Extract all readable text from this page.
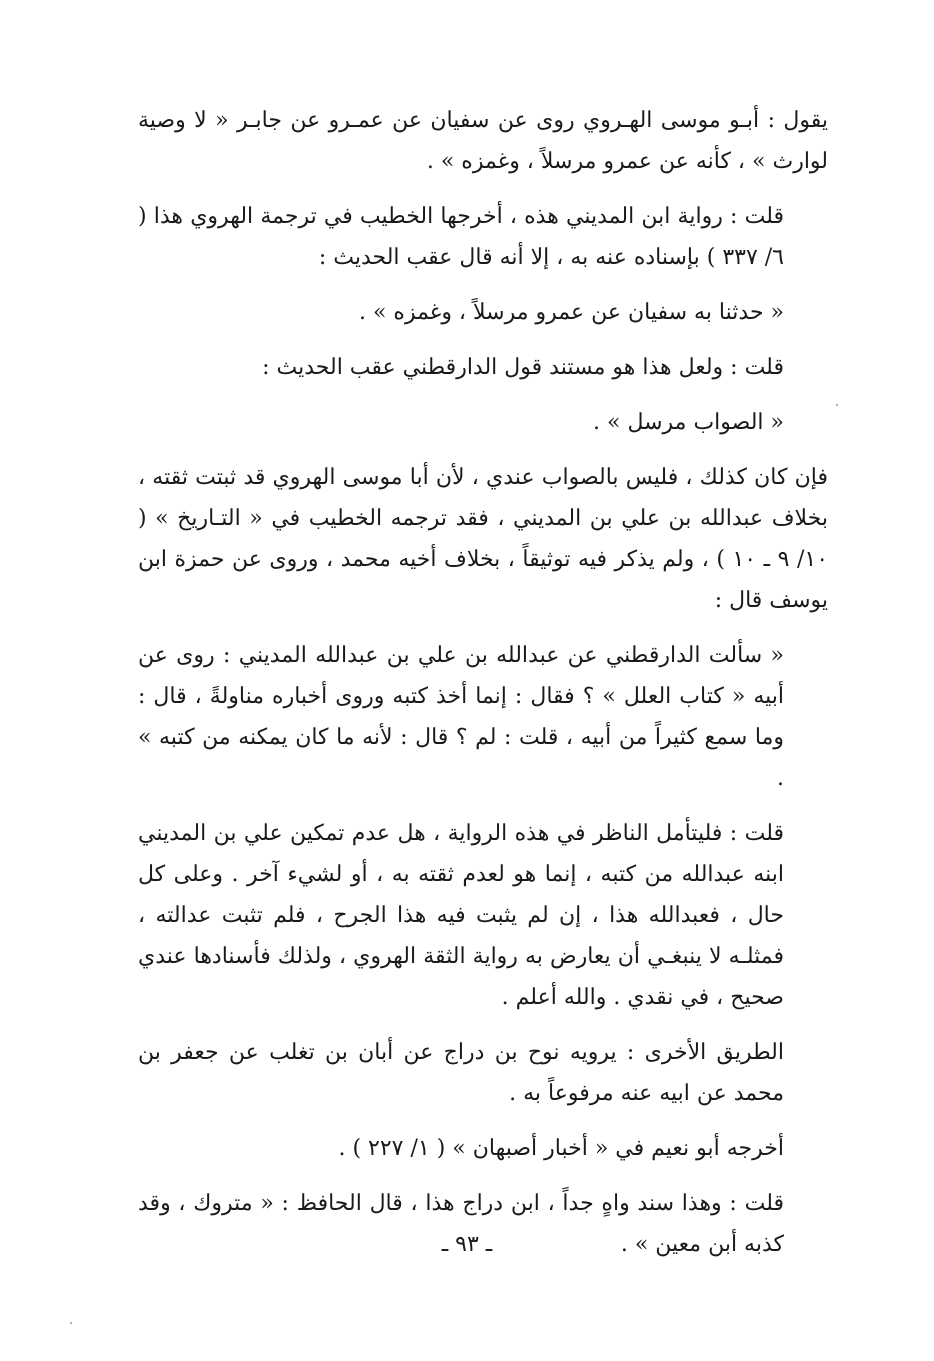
يقول : أبـو موسى الهـروي روى عن سفيان عن عمـرو عن جابـر « لا وصية لوارث » ، كأنه عن عمرو مرسلاً ، وغمزه » .

قلت : رواية ابن المديني هذه ، أخرجها الخطيب في ترجمة الهروي هذا ( ٦/ ٣٣٧ ) بإسناده عنه به ، إلا أنه قال عقب الحديث :

« حدثنا به سفيان عن عمرو مرسلاً ، وغمزه » .

قلت : ولعل هذا هو مستند قول الدارقطني عقب الحديث :

« الصواب مرسل » .

فإن كان كذلك ، فليس بالصواب عندي ، لأن أبا موسى الهروي قد ثبتت ثقته ، بخلاف عبدالله بن علي بن المديني ، فقد ترجمه الخطيب في « التـاريخ » ( ١٠/ ٩ ـ ١٠ ) ، ولم يذكر فيه توثيقاً ، بخلاف أخيه محمد ، وروى عن حمزة ابن يوسف قال :

« سألت الدارقطني عن عبدالله بن علي بن عبدالله المديني : روى عن أبيه « كتاب العلل » ؟ فقال : إنما أخذ كتبه وروى أخباره مناولةً ، قال : وما سمع كثيراً من أبيه ، قلت : لم ؟ قال : لأنه ما كان يمكنه من كتبه » .

قلت : فليتأمل الناظر في هذه الرواية ، هل عدم تمكين علي بن المديني ابنه عبدالله من كتبه ، إنما هو لعدم ثقته به ، أو لشيء آخر . وعلى كل حال ، فعبدالله هذا ، إن لم يثبت فيه هذا الجرح ، فلم تثبت عدالته ، فمثلـه لا ينبغـي أن يعارض به رواية الثقة الهروي ، ولذلك فأسنادها عندي صحيح ، في نقدي . والله أعلم .

الطريق الأخرى : يرويه نوح بن دراج عن أبان بن تغلب عن جعفر بن محمد عن ابيه عنه مرفوعاً به .

أخرجه أبو نعيم في « أخبار أصبهان » ( ١/ ٢٢٧ ) .

قلت : وهذا سند واهٍ جداً ، ابن دراج هذا ، قال الحافظ : « متروك ، وقد كذبه أبن معين » .

ـ ٩٣ ـ
